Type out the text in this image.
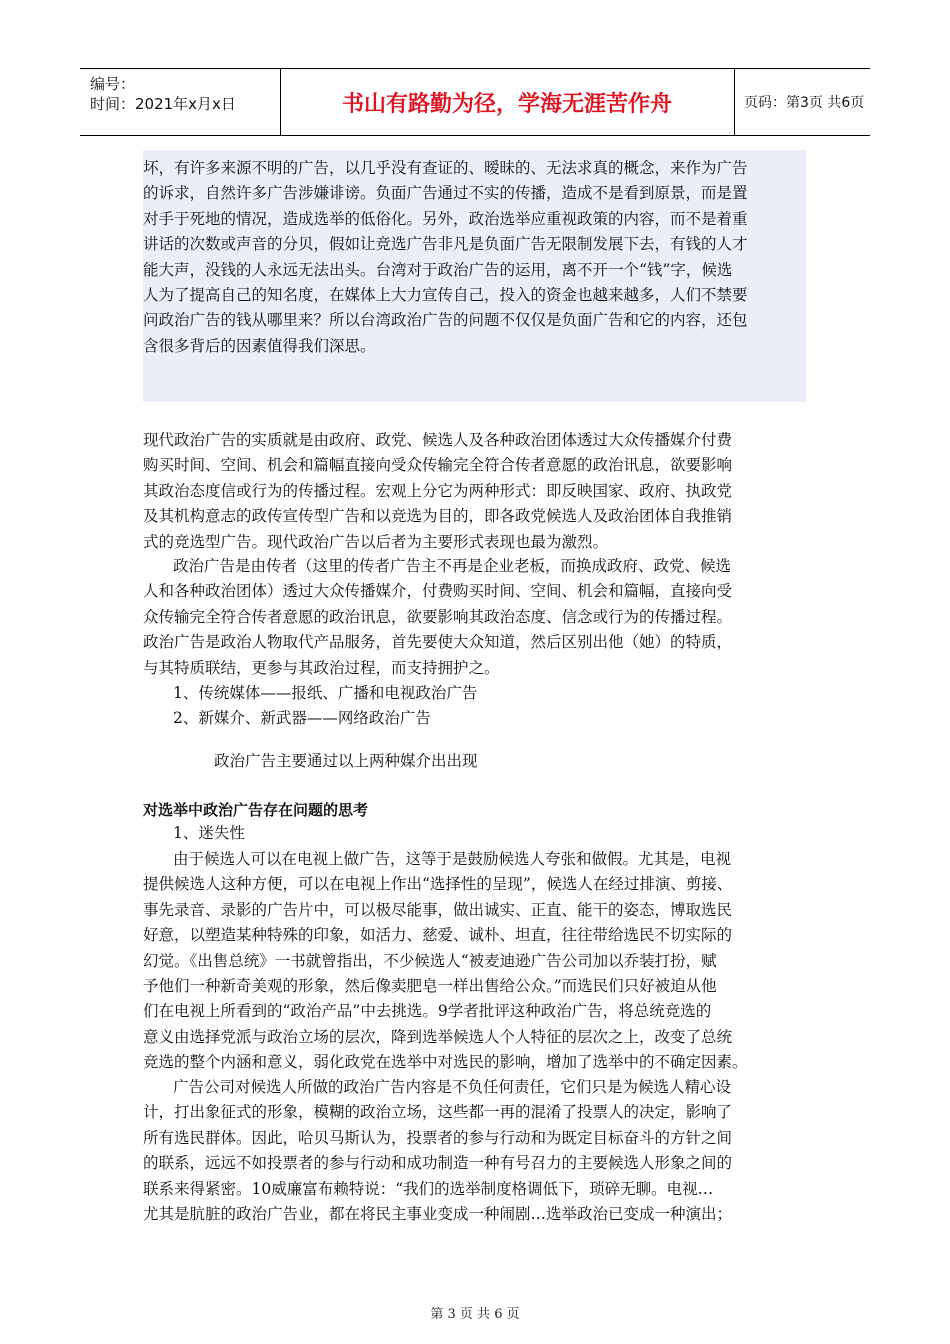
编号：
时间：2021年x月x日	书山有路勤为径，学海无涯苦作舟	页码：第3页 共6页
坏，有许多来源不明的广告，以几乎没有查证的、暧昧的、无法求真的概念，来作为广告
的诉求，自然许多广告涉嫌诽谤。负面广告通过不实的传播，造成不是看到原景，而是置
对手于死地的情况，造成选举的低俗化。另外，政治选举应重视政策的内容，而不是着重
讲话的次数或声音的分贝，假如让竞选广告非凡是负面广告无限制发展下去，有钱的人才
能大声，没钱的人永远无法出头。台湾对于政治广告的运用，离不开一个“钱”字，候选
人为了提高自己的知名度，在媒体上大力宣传自己，投入的资金也越来越多，人们不禁要
问政治广告的钱从哪里来？所以台湾政治广告的问题不仅仅是负面广告和它的内容，还包
含很多背后的因素值得我们深思。
现代政治广告的实质就是由政府、政党、候选人及各种政治团体透过大众传播媒介付费
购买时间、空间、机会和篇幅直接向受众传输完全符合传者意愿的政治讯息，欲要影响
其政治态度信或行为的传播过程。宏观上分它为两种形式：即反映国家、政府、执政党
及其机构意志的政传宣传型广告和以竞选为目的，即各政党候选人及政治团体自我推销
式的竞选型广告。现代政治广告以后者为主要形式表现也最为激烈。
政治广告是由传者（这里的传者广告主不再是企业老板，而换成政府、政党、候选
人和各种政治团体）透过大众传播媒介，付费购买时间、空间、机会和篇幅，直接向受
众传输完全符合传者意愿的政治讯息，欲要影响其政治态度、信念或行为的传播过程。
政治广告是政治人物取代产品服务，首先要使大众知道，然后区别出他（她）的特质，
与其特质联结，更参与其政治过程，而支持拥护之。
1、传统媒体——报纸、广播和电视政治广告
2、新媒介、新武器——网络政治广告
政治广告主要通过以上两种媒介出出现
对选举中政治广告存在问题的思考
1、迷失性
由于候选人可以在电视上做广告，这等于是鼓励候选人夸张和做假。尤其是，电视
提供候选人这种方便，可以在电视上作出“选择性的呈现”，候选人在经过排演、剪接、
事先录音、录影的广告片中，可以极尽能事，做出诚实、正直、能干的姿态，博取选民
好意，以塑造某种特殊的印象，如活力、慈爱、诚朴、坦直，往往带给选民不切实际的
幻觉。《出售总统》一书就曾指出，不少候选人“被麦迪逊广告公司加以乔装打扮，赋
予他们一种新奇美观的形象，然后像卖肥皂一样出售给公众。”而选民们只好被迫从他
们在电视上所看到的“政治产品”中去挑选。9学者批评这种政治广告，将总统竞选的
意义由选择党派与政治立场的层次，降到选举候选人个人特征的层次之上，改变了总统
竞选的整个内涵和意义，弱化政党在选举中对选民的影响，增加了选举中的不确定因素。
广告公司对候选人所做的政治广告内容是不负任何责任，它们只是为候选人精心设
计，打出象征式的形象，模糊的政治立场，这些都一再的混淆了投票人的决定，影响了
所有选民群体。因此，哈贝马斯认为，投票者的参与行动和为既定目标奋斗的方针之间
的联系，远远不如投票者的参与行动和成功制造一种有号召力的主要候选人形象之间的
联系来得紧密。10威廉富布赖特说：“我们的选举制度格调低下，琐碎无聊。电视…
尤其是肮脏的政治广告业，都在将民主事业变成一种闹剧…选举政治已变成一种演出；
第 3 页 共 6 页
